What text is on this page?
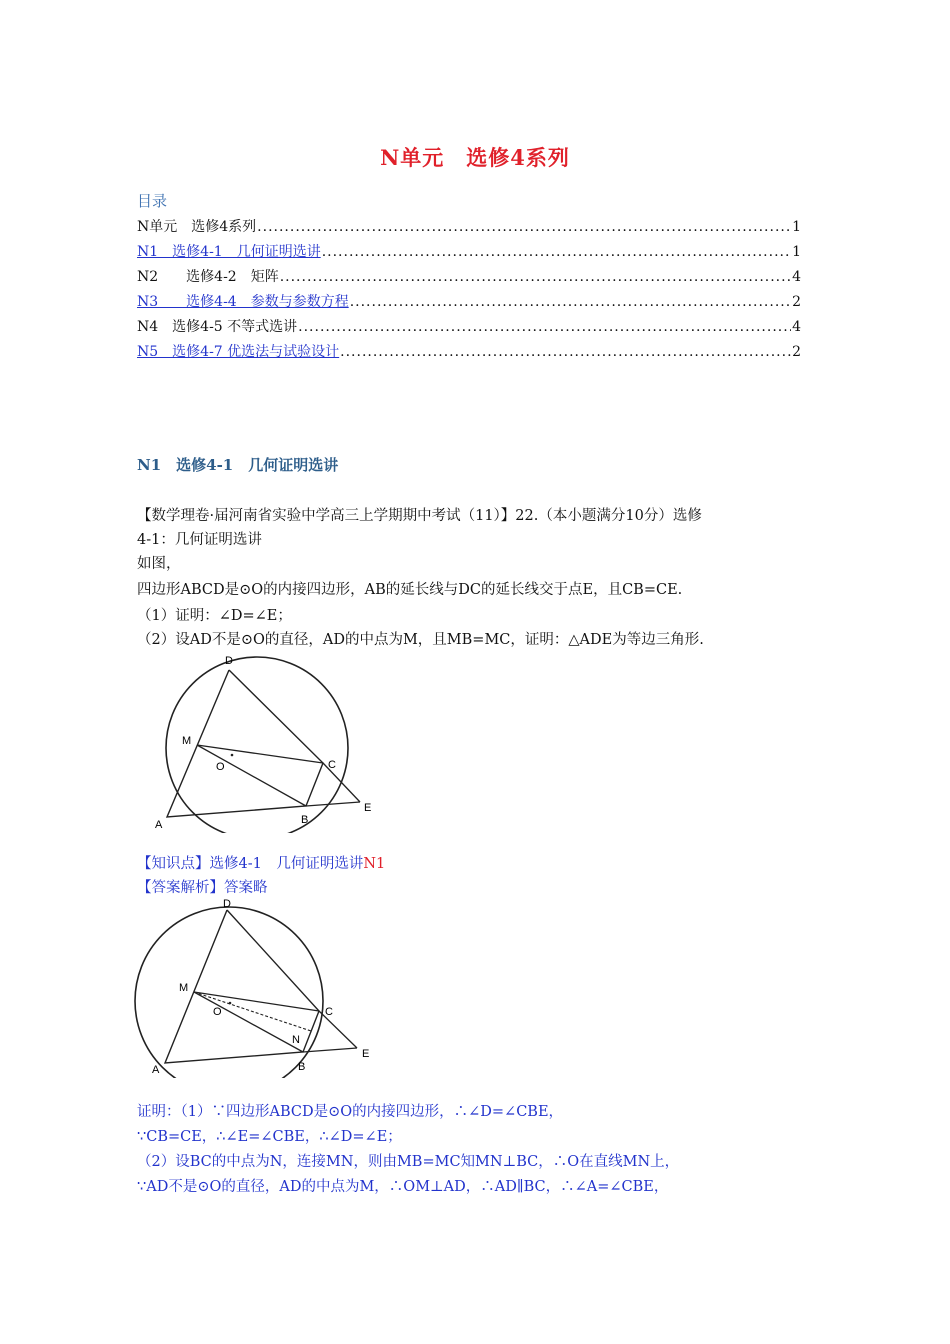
N单元　选修4系列
目录
N单元　选修4系列 .....	1
N1　选修4-1　几何证明选讲 .....	1
N2　　选修4-2　矩阵 .....	4
N3　　选修4-4　参数与参数方程 .....	2
N4　选修4-5 不等式选讲 .....	4
N5　选修4-7 优选法与试验设计 .....	2
N1　选修4-1　几何证明选讲
【数学理卷·届河南省实验中学高三上学期期中考试（11）】22.（本小题满分10分）选修
4-1：几何证明选讲
如图，
四边形ABCD是⊙O的内接四边形，AB的延长线与DC的延长线交于点E，且CB=CE.
（1）证明：∠D=∠E；
（2）设AD不是⊙O的直径，AD的中点为M，且MB=MC，证明：△ADE为等边三角形.
D
M
O	C
A	B
E
【知识点】选修4-1　几何证明选讲N1
【答案解析】答案略
D
M
O	C
N
A	B
E
证明：（1）∵四边形ABCD是⊙O的内接四边形，∴∠D=∠CBE，
∵CB=CE，∴∠E=∠CBE，∴∠D=∠E；
（2）设BC的中点为N，连接MN，则由MB=MC知MN⊥BC，∴O在直线MN上，
∵AD不是⊙O的直径，AD的中点为M，∴OM⊥AD，∴AD∥BC，∴∠A=∠CBE，
